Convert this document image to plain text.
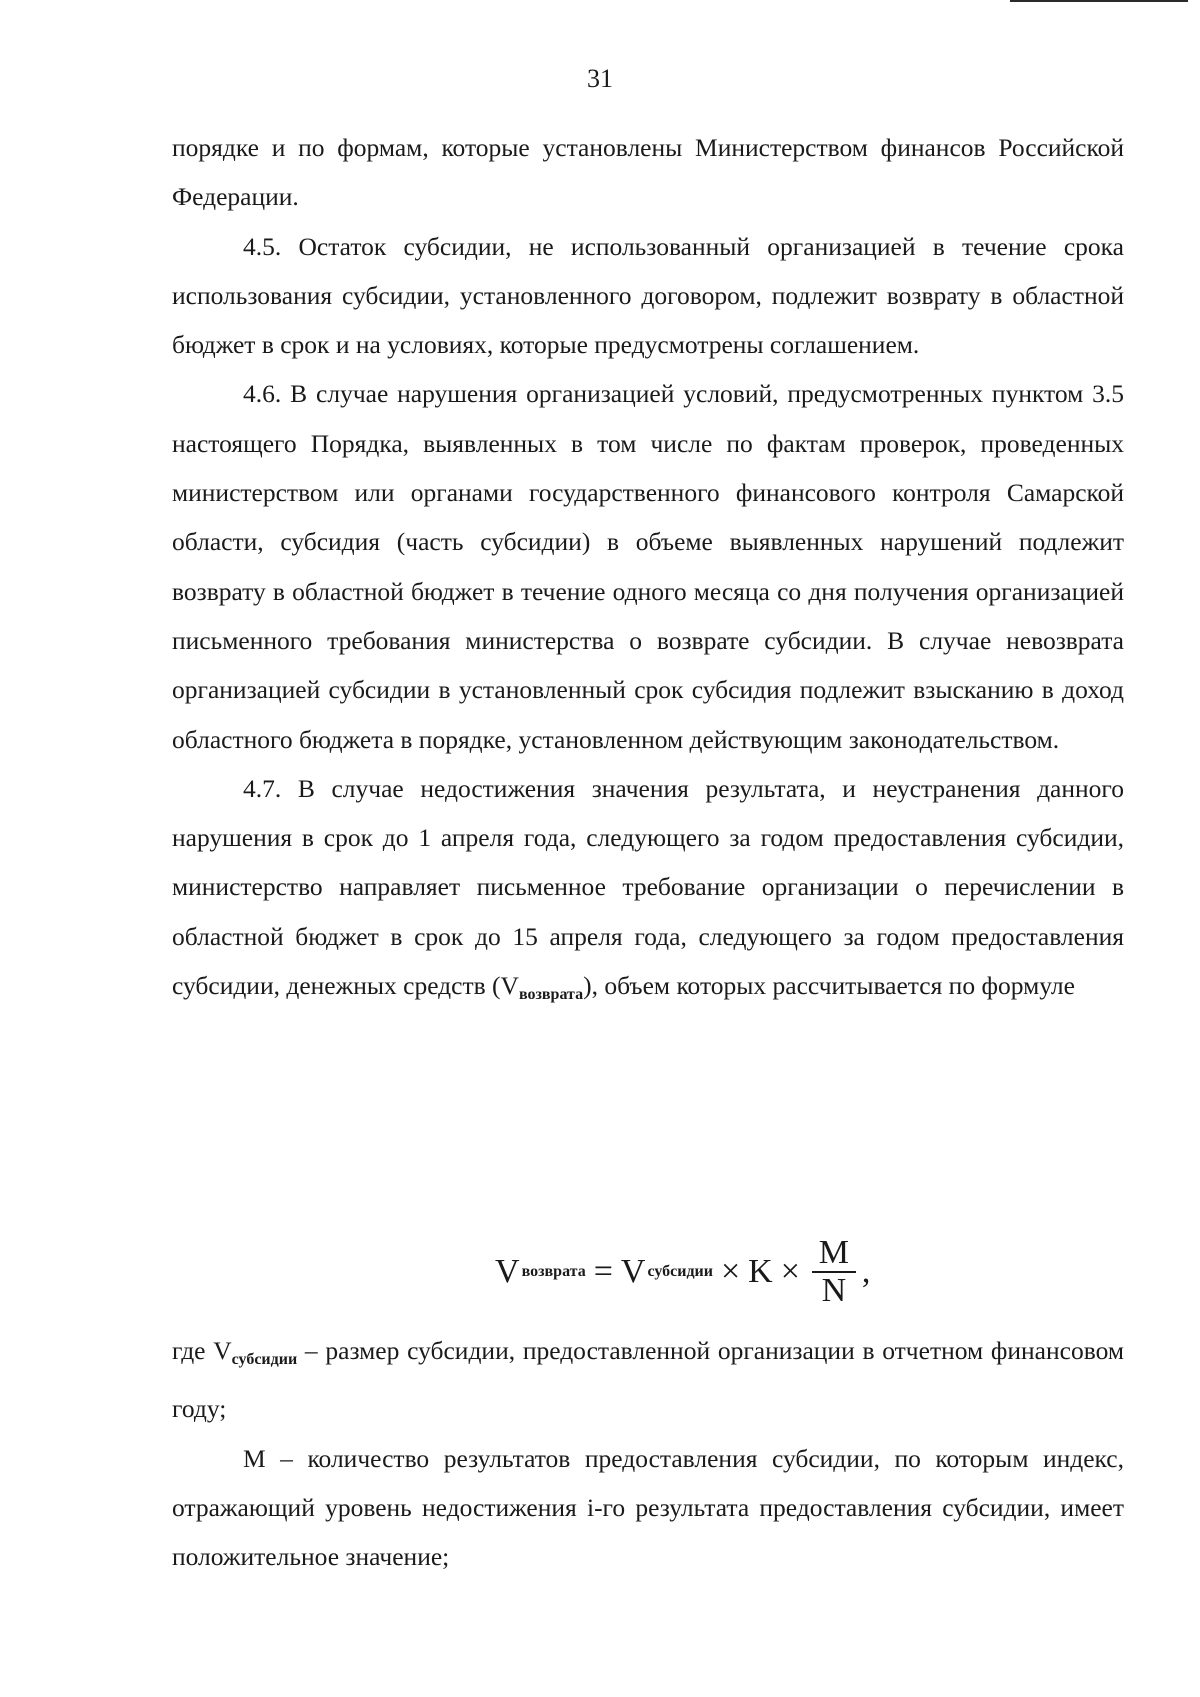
31

порядке и по формам, которые установлены Министерством финансов Российской Федерации.

4.5. Остаток субсидии, не использованный организацией в течение срока использования субсидии, установленного договором, подлежит возврату в областной бюджет в срок и на условиях, которые предусмотрены соглашением.

4.6. В случае нарушения организацией условий, предусмотренных пунктом 3.5 настоящего Порядка, выявленных в том числе по фактам проверок, проведенных министерством или органами государственного финансового контроля Самарской области, субсидия (часть субсидии) в объеме выявленных нарушений подлежит возврату в областной бюджет в течение одного месяца со дня получения организацией письменного требования министерства о возврате субсидии. В случае невозврата организацией субсидии в установленный срок субсидия подлежит взысканию в доход областного бюджета в порядке, установленном действующим законодательством.

4.7. В случае недостижения значения результата, и неустранения данного нарушения в срок до 1 апреля года, следующего за годом предоставления субсидии, министерство направляет письменное требование организации о перечислении в областной бюджет в срок до 15 апреля года, следующего за годом предоставления субсидии, денежных средств (Vвозврата), объем которых рассчитывается по формуле

V возврата = V субсидии × $K \times \frac{M}{N}$ ,

где Vсубсидии – размер субсидии, предоставленной организации в отчетном финансовом году;

М – количество результатов предоставления субсидии, по которым индекс, отражающий уровень недостижения i-го результата предоставления субсидии, имеет положительное значение;
